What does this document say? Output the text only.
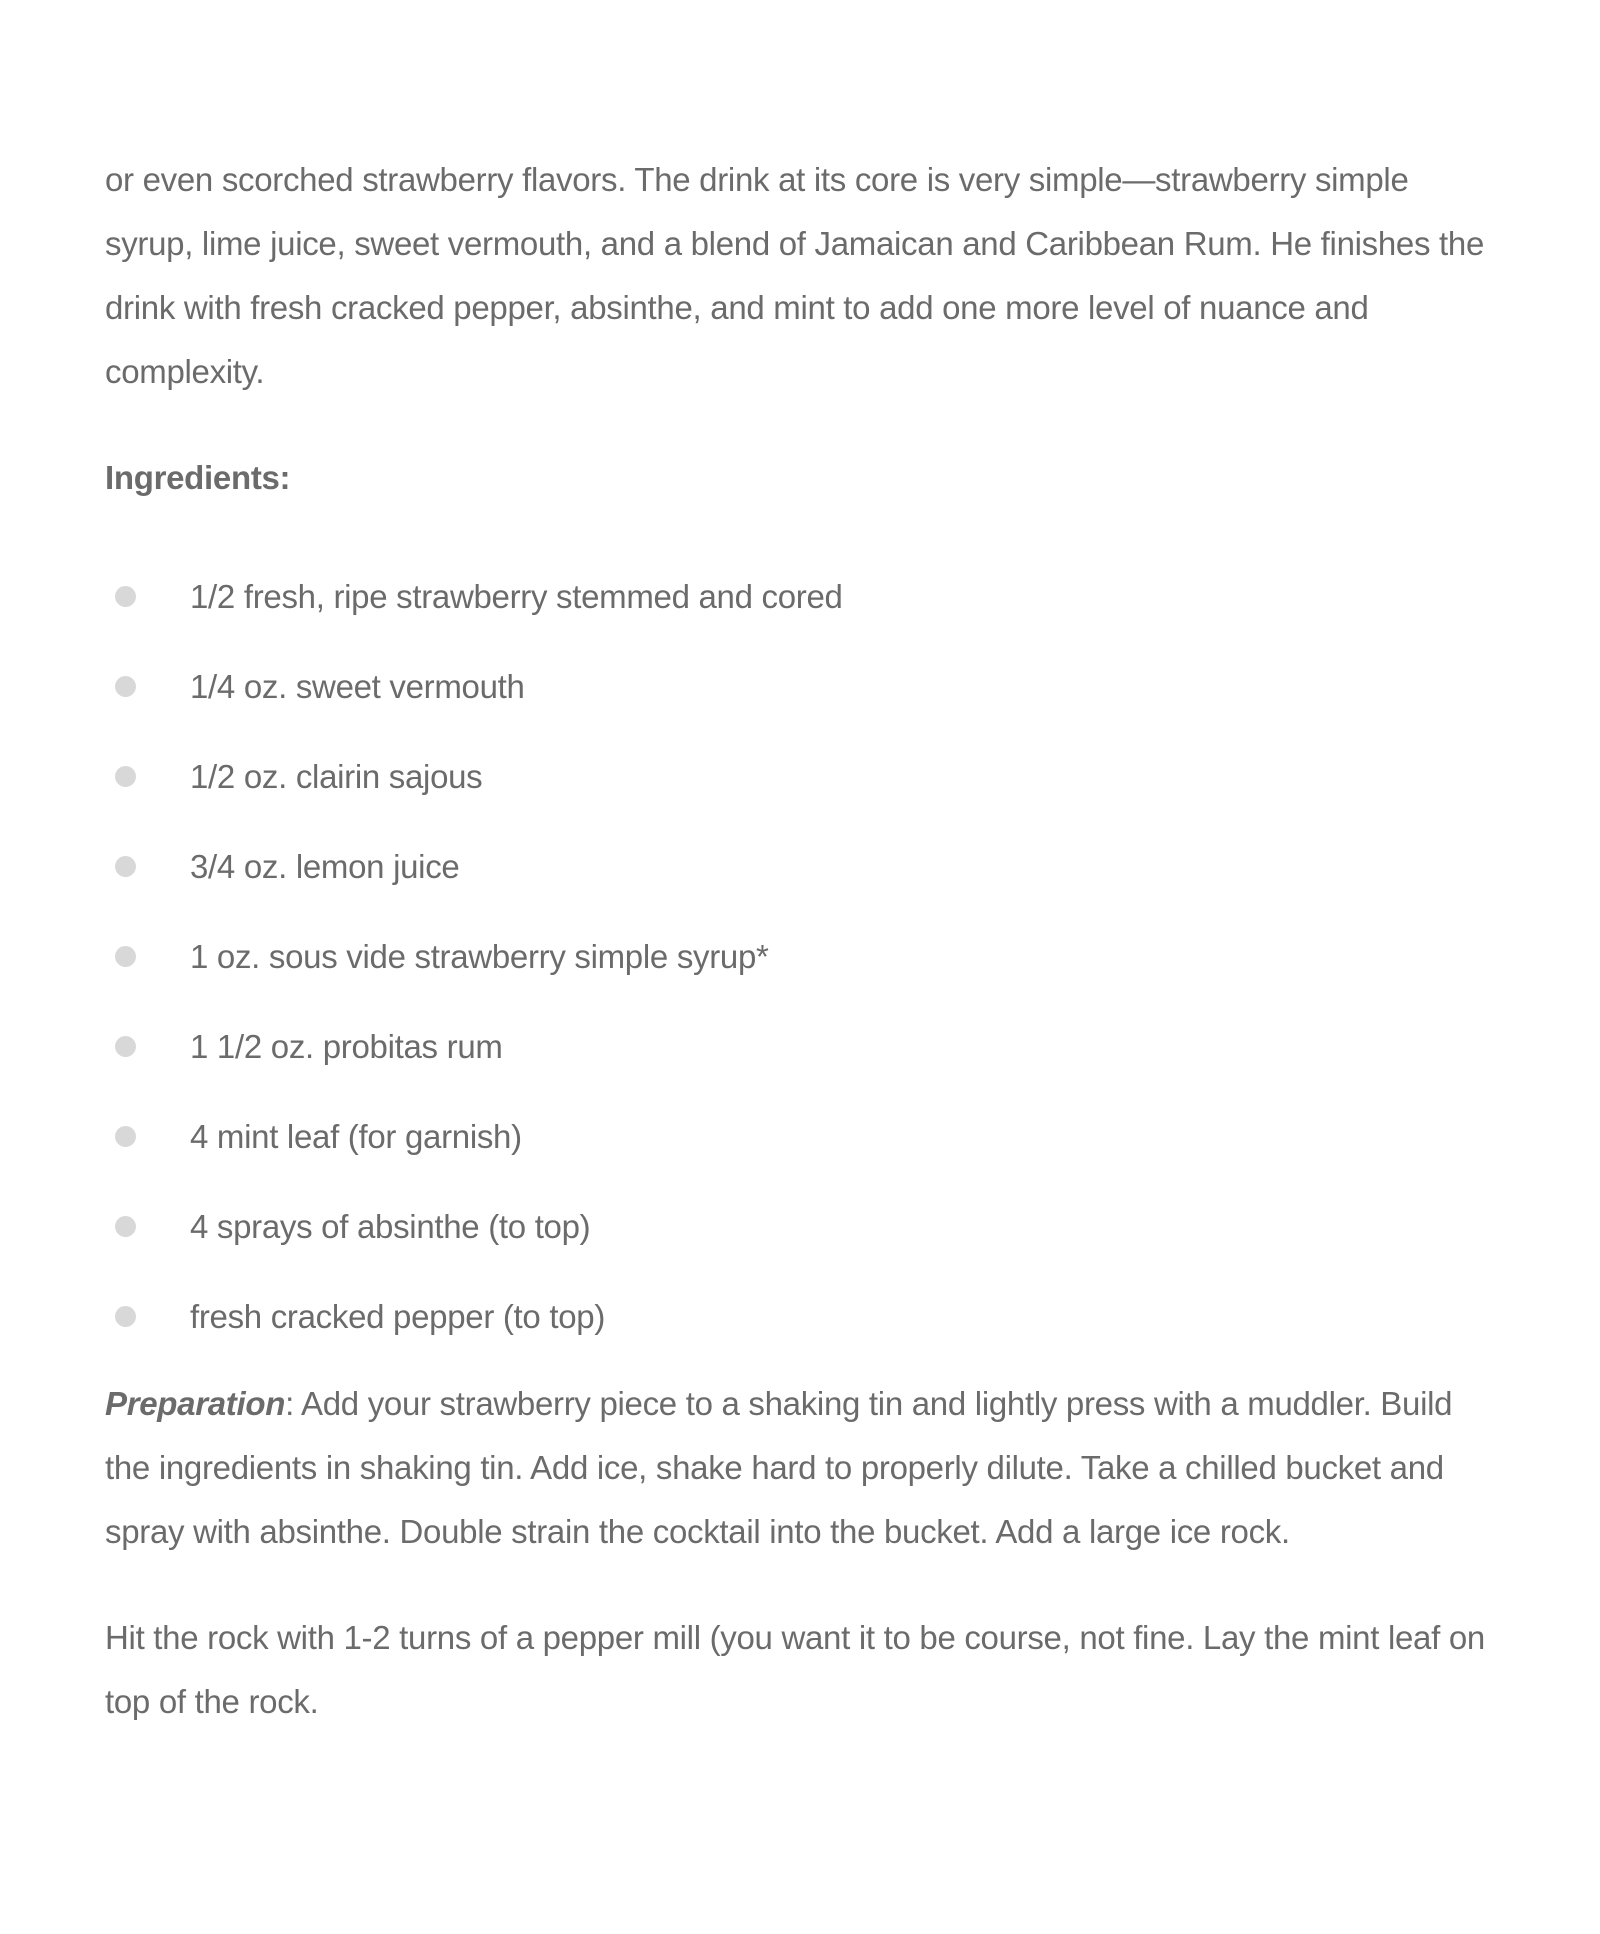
or even scorched strawberry flavors. The drink at its core is very simple—strawberry simple syrup, lime juice, sweet vermouth, and a blend of Jamaican and Caribbean Rum. He finishes the drink with fresh cracked pepper, absinthe, and mint to add one more level of nuance and complexity.

Ingredients:

1/2 fresh, ripe strawberry stemmed and cored
1/4 oz. sweet vermouth
1/2 oz. clairin sajous
3/4 oz. lemon juice
1 oz. sous vide strawberry simple syrup*
1 1/2 oz. probitas rum
4 mint leaf (for garnish)
4 sprays of absinthe (to top)
fresh cracked pepper (to top)

Preparation: Add your strawberry piece to a shaking tin and lightly press with a muddler. Build the ingredients in shaking tin. Add ice, shake hard to properly dilute. Take a chilled bucket and spray with absinthe. Double strain the cocktail into the bucket. Add a large ice rock.

Hit the rock with 1-2 turns of a pepper mill (you want it to be course, not fine. Lay the mint leaf on top of the rock.
